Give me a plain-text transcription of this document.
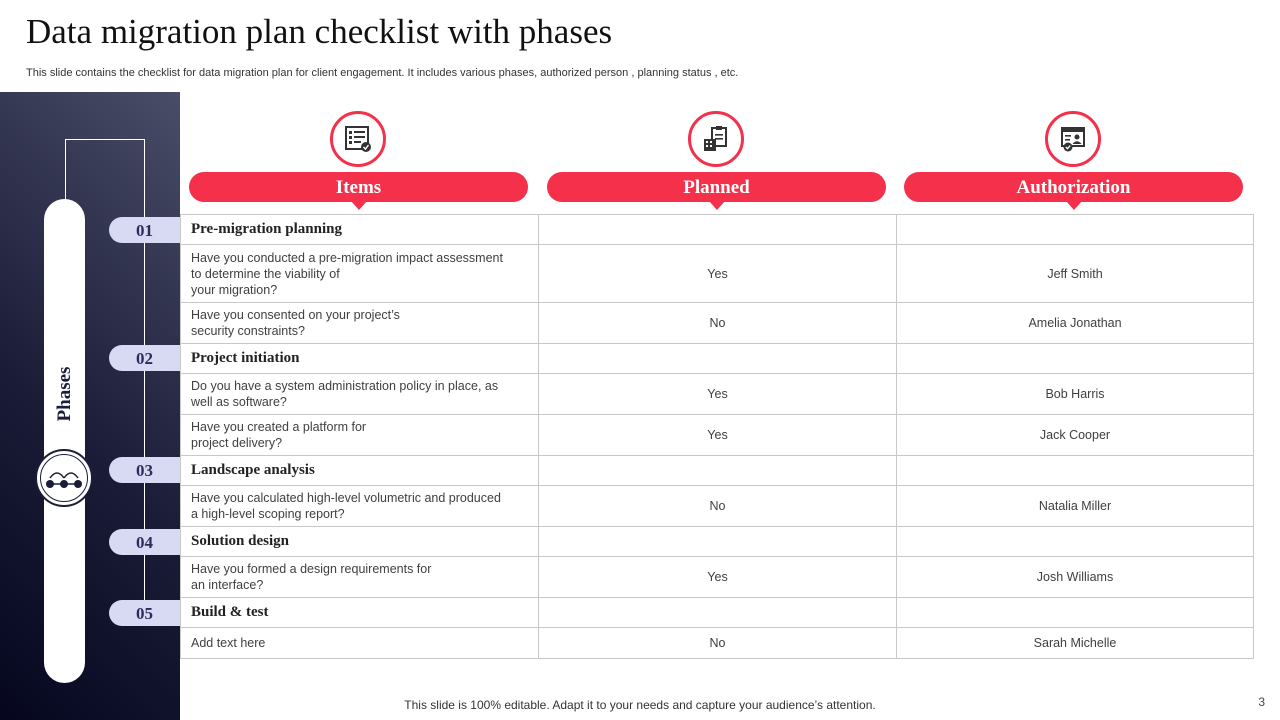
Data migration plan checklist with phases
This slide contains the checklist for data migration plan for client engagement. It includes various phases, authorized person , planning status , etc.
Phases
Items	Planned	Authorization
Pre-migration planning		
Have you conducted a pre-migration impact assessment
to determine the viability of
your migration?	Yes	Jeff Smith
Have you consented on your project’s
security constraints?	No	Amelia Jonathan
Project initiation		
Do you have a system administration policy in place, as
well as software?	Yes	Bob Harris
Have you created a platform for
project delivery?	Yes	Jack Cooper
Landscape analysis		
Have you calculated high-level volumetric and produced
a high-level scoping report?	No	Natalia Miller
Solution design		
Have you formed a design requirements for
an interface?	Yes	Josh Williams
Build & test		
Add text here	No	Sarah Michelle
01
02
03
04
05
This slide is 100% editable. Adapt it to your needs and capture your audience’s attention.	3
